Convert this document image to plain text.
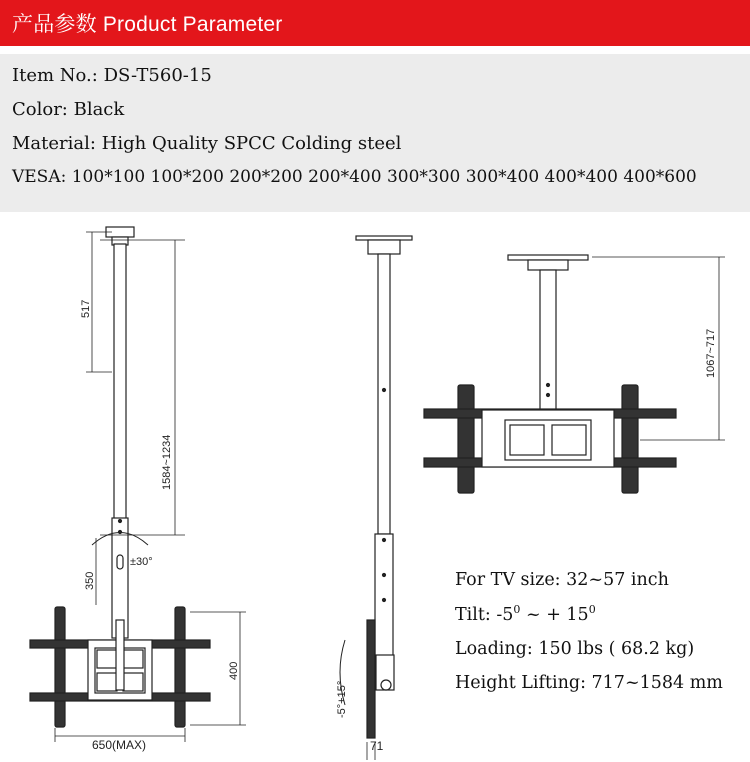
产品参数 Product Parameter
Item No.: DS-T560-15
Color: Black
Material: High Quality SPCC Colding steel
VESA: 100*100 100*200 200*200 200*400 300*300 300*400 400*400 400*600
517
1584~1234
350
±30°
400
650(MAX)
-5°+15°
71
1067~717
For TV size: 32~57 inch
Tilt: $-5^0$ ~ + $15^0$
Loading: 150 lbs ( 68.2 kg)
Height Lifting: 717~1584 mm
